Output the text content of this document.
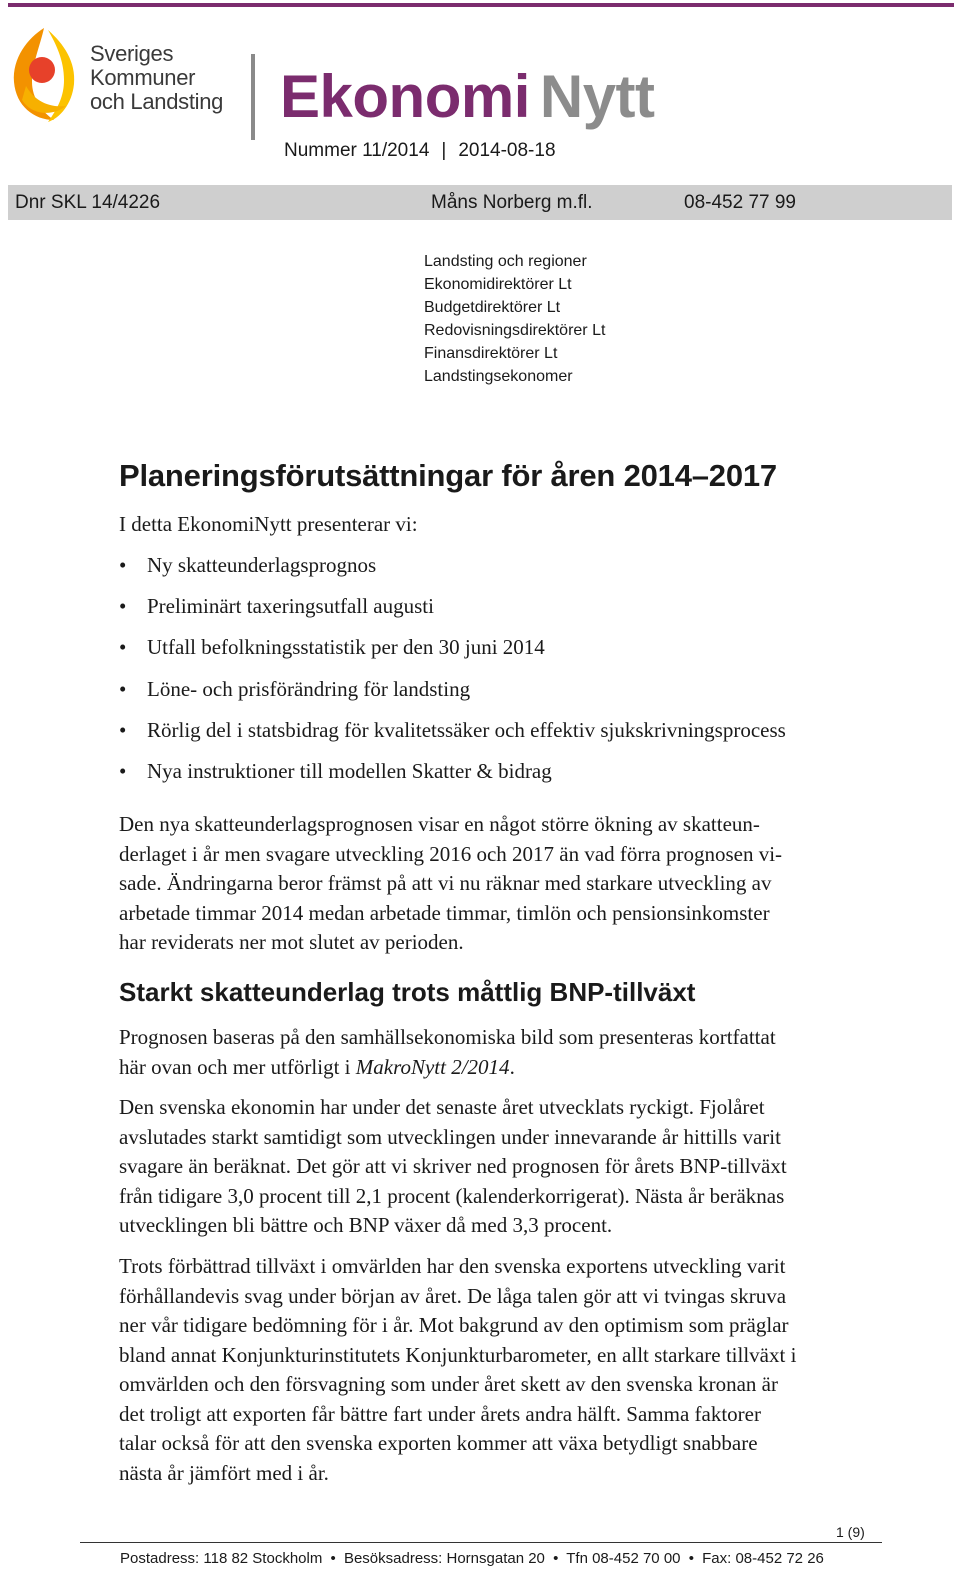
Sveriges
Kommuner
och Landsting Ekonomi Nytt
Nummer 11/2014 | 2014-08-18
Dnr SKL 14/4226	Måns Norberg m.fl.	08-452 77 99
Landsting och regioner
Ekonomidirektörer Lt
Budgetdirektörer Lt
Redovisningsdirektörer Lt
Finansdirektörer Lt
Landstingsekonomer
Planeringsförutsättningar för åren 2014–2017
I detta EkonomiNytt presenterar vi:
• Ny skatteunderlagsprognos
• Preliminärt taxeringsutfall augusti
• Utfall befolkningsstatistik per den 30 juni 2014
• Löne- och prisförändring för landsting
• Rörlig del i statsbidrag för kvalitetssäker och effektiv sjukskrivningsprocess
• Nya instruktioner till modellen Skatter & bidrag
Den nya skatteunderlagsprognosen visar en något större ökning av skatteun-
derlaget i år men svagare utveckling 2016 och 2017 än vad förra prognosen vi-
sade. Ändringarna beror främst på att vi nu räknar med starkare utveckling av
arbetade timmar 2014 medan arbetade timmar, timlön och pensionsinkomster
har reviderats ner mot slutet av perioden.
Starkt skatteunderlag trots måttlig BNP-tillväxt
Prognosen baseras på den samhällsekonomiska bild som presenteras kortfattat
här ovan och mer utförligt i MakroNytt 2/2014.
Den svenska ekonomin har under det senaste året utvecklats ryckigt. Fjolåret
avslutades starkt samtidigt som utvecklingen under innevarande år hittills varit
svagare än beräknat. Det gör att vi skriver ned prognosen för årets BNP-tillväxt
från tidigare 3,0 procent till 2,1 procent (kalenderkorrigerat). Nästa år beräknas
utvecklingen bli bättre och BNP växer då med 3,3 procent.
Trots förbättrad tillväxt i omvärlden har den svenska exportens utveckling varit
förhållandevis svag under början av året. De låga talen gör att vi tvingas skruva
ner vår tidigare bedömning för i år. Mot bakgrund av den optimism som präglar
bland annat Konjunkturinstitutets Konjunkturbarometer, en allt starkare tillväxt i
omvärlden och den försvagning som under året skett av den svenska kronan är
det troligt att exporten får bättre fart under årets andra hälft. Samma faktorer
talar också för att den svenska exporten kommer att växa betydligt snabbare
nästa år jämfört med i år.
1 (9)
Postadress: 118 82 Stockholm • Besöksadress: Hornsgatan 20 • Tfn 08-452 70 00 • Fax: 08-452 72 26
